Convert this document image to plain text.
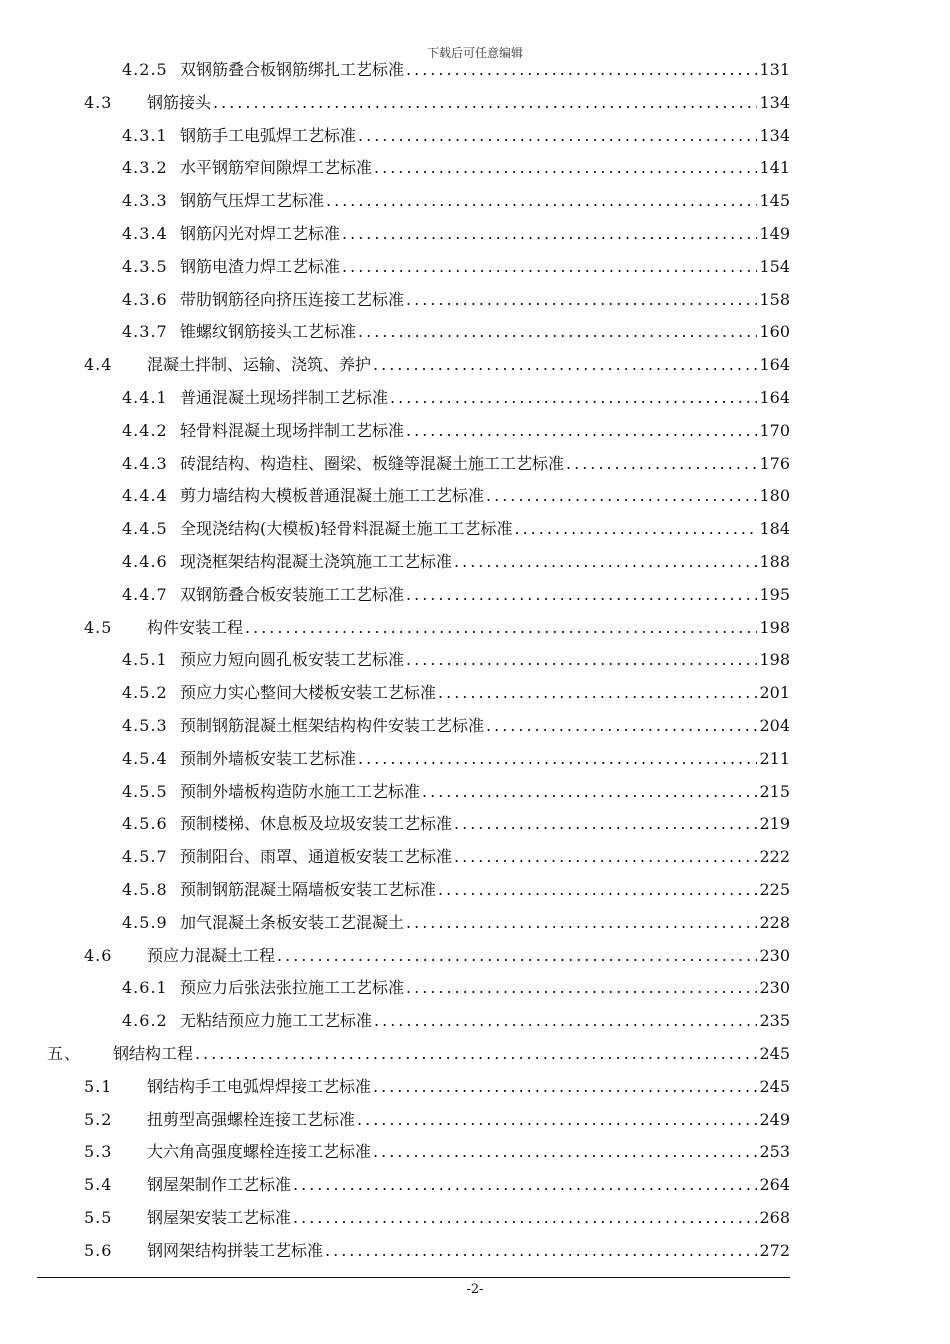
下载后可任意编辑
4.2.5 双钢筋叠合板钢筋绑扎工艺标准 .....	131
4.3	钢筋接头 .....	134
4.3.1 钢筋手工电弧焊工艺标准 .....	134
4.3.2 水平钢筋窄间隙焊工艺标准 .....	141
4.3.3 钢筋气压焊工艺标准 .....	145
4.3.4 钢筋闪光对焊工艺标准 .....	149
4.3.5 钢筋电渣力焊工艺标准 .....	154
4.3.6 带肋钢筋径向挤压连接工艺标准 .....	158
4.3.7 锥螺纹钢筋接头工艺标准 .....	160
4.4	混凝土拌制、运输、浇筑、养护 .....	164
4.4.1 普通混凝土现场拌制工艺标准 .....	164
4.4.2 轻骨料混凝土现场拌制工艺标准 .....	170
4.4.3 砖混结构、构造柱、圈梁、板缝等混凝土施工工艺标准 .....	176
4.4.4 剪力墙结构大模板普通混凝土施工工艺标准 .....	180
4.4.5 全现浇结构(大模板)轻骨料混凝土施工工艺标准 .....	184
4.4.6 现浇框架结构混凝土浇筑施工工艺标准 .....	188
4.4.7 双钢筋叠合板安装施工工艺标准 .....	195
4.5	构件安装工程 .....	198
4.5.1 预应力短向圆孔板安装工艺标准 .....	198
4.5.2 预应力实心整间大楼板安装工艺标准 .....	201
4.5.3 预制钢筋混凝土框架结构构件安装工艺标准 .....	204
4.5.4 预制外墙板安装工艺标准 .....	211
4.5.5 预制外墙板构造防水施工工艺标准 .....	215
4.5.6 预制楼梯、休息板及垃圾安装工艺标准 .....	219
4.5.7 预制阳台、雨罩、通道板安装工艺标准 .....	222
4.5.8 预制钢筋混凝土隔墙板安装工艺标准 .....	225
4.5.9 加气混凝土条板安装工艺混凝土 .....	228
4.6	预应力混凝土工程 .....	230
4.6.1 预应力后张法张拉施工工艺标准 .....	230
4.6.2 无粘结预应力施工工艺标准 .....	235
五、	钢结构工程 .....	245
5.1	钢结构手工电弧焊焊接工艺标准 .....	245
5.2	扭剪型高强螺栓连接工艺标准 .....	249
5.3	大六角高强度螺栓连接工艺标准 .....	253
5.4	钢屋架制作工艺标准 .....	264
5.5	钢屋架安装工艺标准 .....	268
5.6	钢网架结构拼装工艺标准 .....	272
-2-
